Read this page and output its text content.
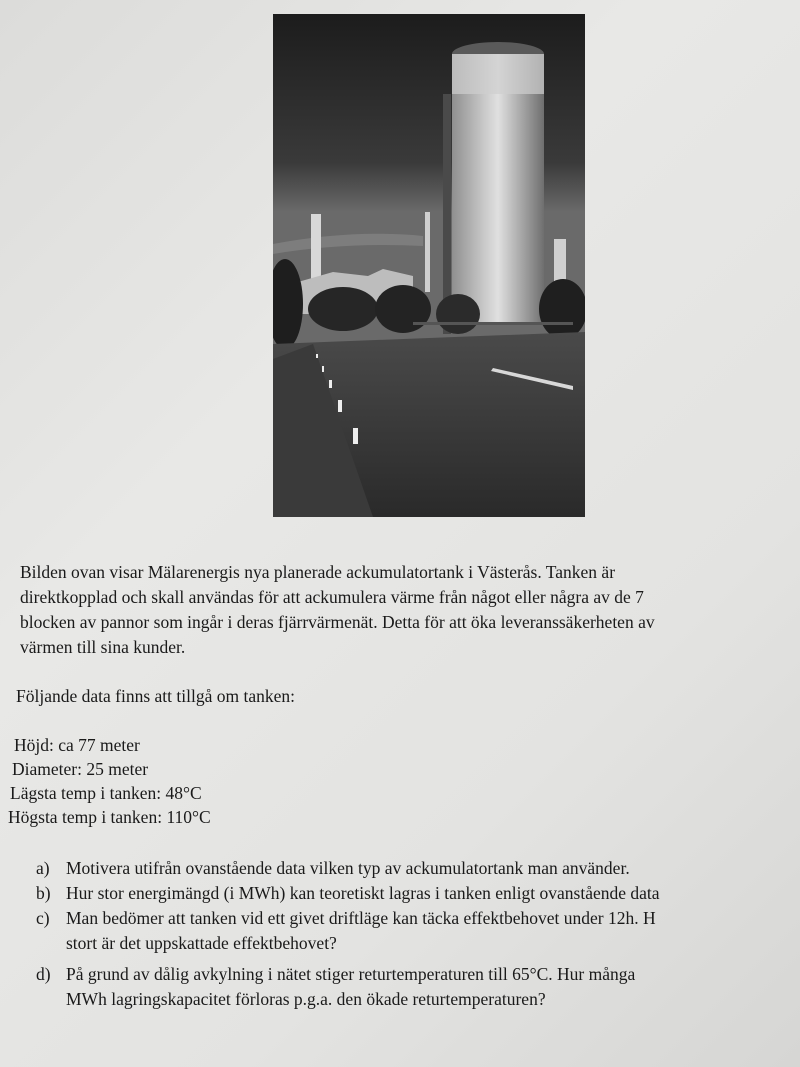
Bilden ovan visar Mälarenergis nya planerade ackumulatortank i Västerås. Tanken är
direktkopplad och skall användas för att ackumulera värme från något eller några av de 7
blocken av pannor som ingår i deras fjärrvärmenät. Detta för att öka leveranssäkerheten av
värmen till sina kunder.
Följande data finns att tillgå om tanken:
Höjd: ca 77 meter
Diameter: 25 meter
Lägsta temp i tanken: 48°C
Högsta temp i tanken: 110°C
a) Motivera utifrån ovanstående data vilken typ av ackumulatortank man använder.
b) Hur stor energimängd (i MWh) kan teoretiskt lagras i tanken enligt ovanstående data
c) Man bedömer att tanken vid ett givet driftläge kan täcka effektbehovet under 12h. H
stort är det uppskattade effektbehovet?
d) På grund av dålig avkylning i nätet stiger returtemperaturen till 65°C. Hur många
MWh lagringskapacitet förloras p.g.a. den ökade returtemperaturen?
